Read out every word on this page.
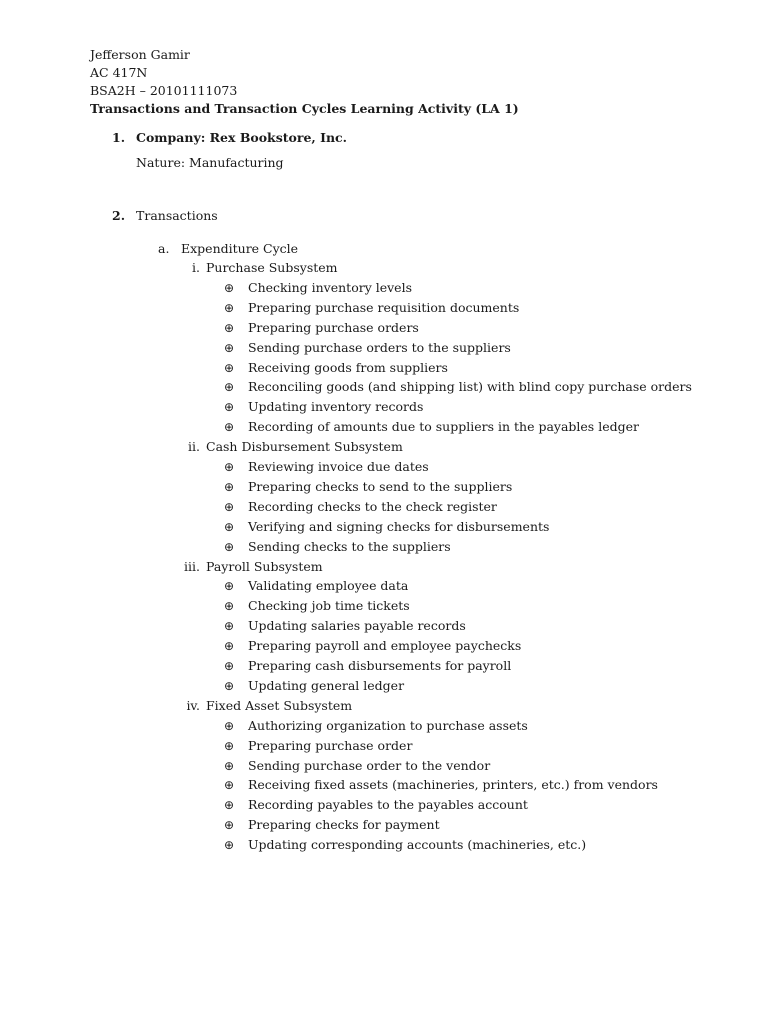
Jefferson Gamir
AC 417N
BSA2H – 20101111073
Transactions and Transaction Cycles Learning Activity (LA 1)
1. Company: Rex Bookstore, Inc.
Nature: Manufacturing
2. Transactions
a. Expenditure Cycle
i. Purchase Subsystem
⊕ Checking inventory levels
⊕ Preparing purchase requisition documents
⊕ Preparing purchase orders
⊕ Sending purchase orders to the suppliers
⊕ Receiving goods from suppliers
⊕ Reconciling goods (and shipping list) with blind copy purchase orders
⊕ Updating inventory records
⊕ Recording of amounts due to suppliers in the payables ledger
ii. Cash Disbursement Subsystem
⊕ Reviewing invoice due dates
⊕ Preparing checks to send to the suppliers
⊕ Recording checks to the check register
⊕ Verifying and signing checks for disbursements
⊕ Sending checks to the suppliers
iii. Payroll Subsystem
⊕ Validating employee data
⊕ Checking job time tickets
⊕ Updating salaries payable records
⊕ Preparing payroll and employee paychecks
⊕ Preparing cash disbursements for payroll
⊕ Updating general ledger
iv. Fixed Asset Subsystem
⊕ Authorizing organization to purchase assets
⊕ Preparing purchase order
⊕ Sending purchase order to the vendor
⊕ Receiving fixed assets (machineries, printers, etc.) from vendors
⊕ Recording payables to the payables account
⊕ Preparing checks for payment
⊕ Updating corresponding accounts (machineries, etc.)
